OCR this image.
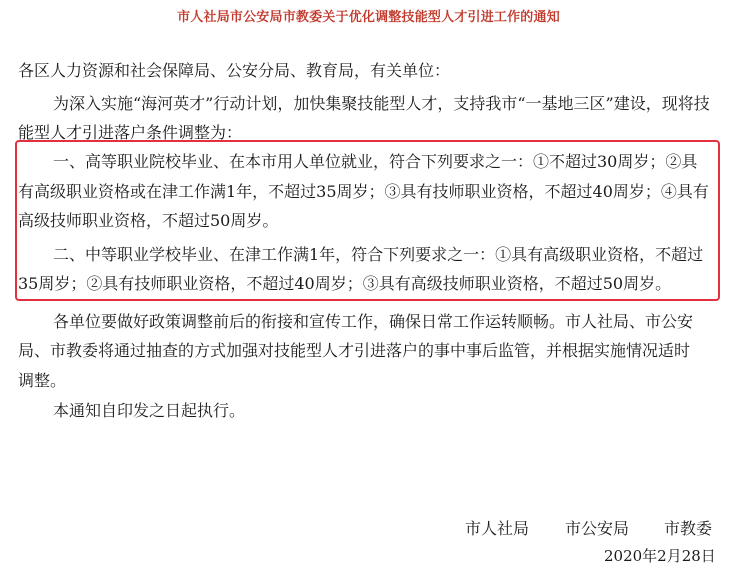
市人社局市公安局市教委关于优化调整技能型人才引进工作的通知
各区人力资源和社会保障局、公安分局、教育局，有关单位：
为深入实施“海河英才”行动计划，加快集聚技能型人才，支持我市“一基地三区”建设，现将技
能型人才引进落户条件调整为：
一、高等职业院校毕业、在本市用人单位就业，符合下列要求之一：①不超过30周岁；②具
有高级职业资格或在津工作满1年，不超过35周岁；③具有技师职业资格，不超过40周岁；④具有
高级技师职业资格，不超过50周岁。
二、中等职业学校毕业、在津工作满1年，符合下列要求之一：①具有高级职业资格，不超过
35周岁；②具有技师职业资格，不超过40周岁；③具有高级技师职业资格，不超过50周岁。
各单位要做好政策调整前后的衔接和宣传工作，确保日常工作运转顺畅。市人社局、市公安
局、市教委将通过抽查的方式加强对技能型人才引进落户的事中事后监管，并根据实施情况适时
调整。
本通知自印发之日起执行。
市人社局 市公安局 市教委
2020年2月28日
